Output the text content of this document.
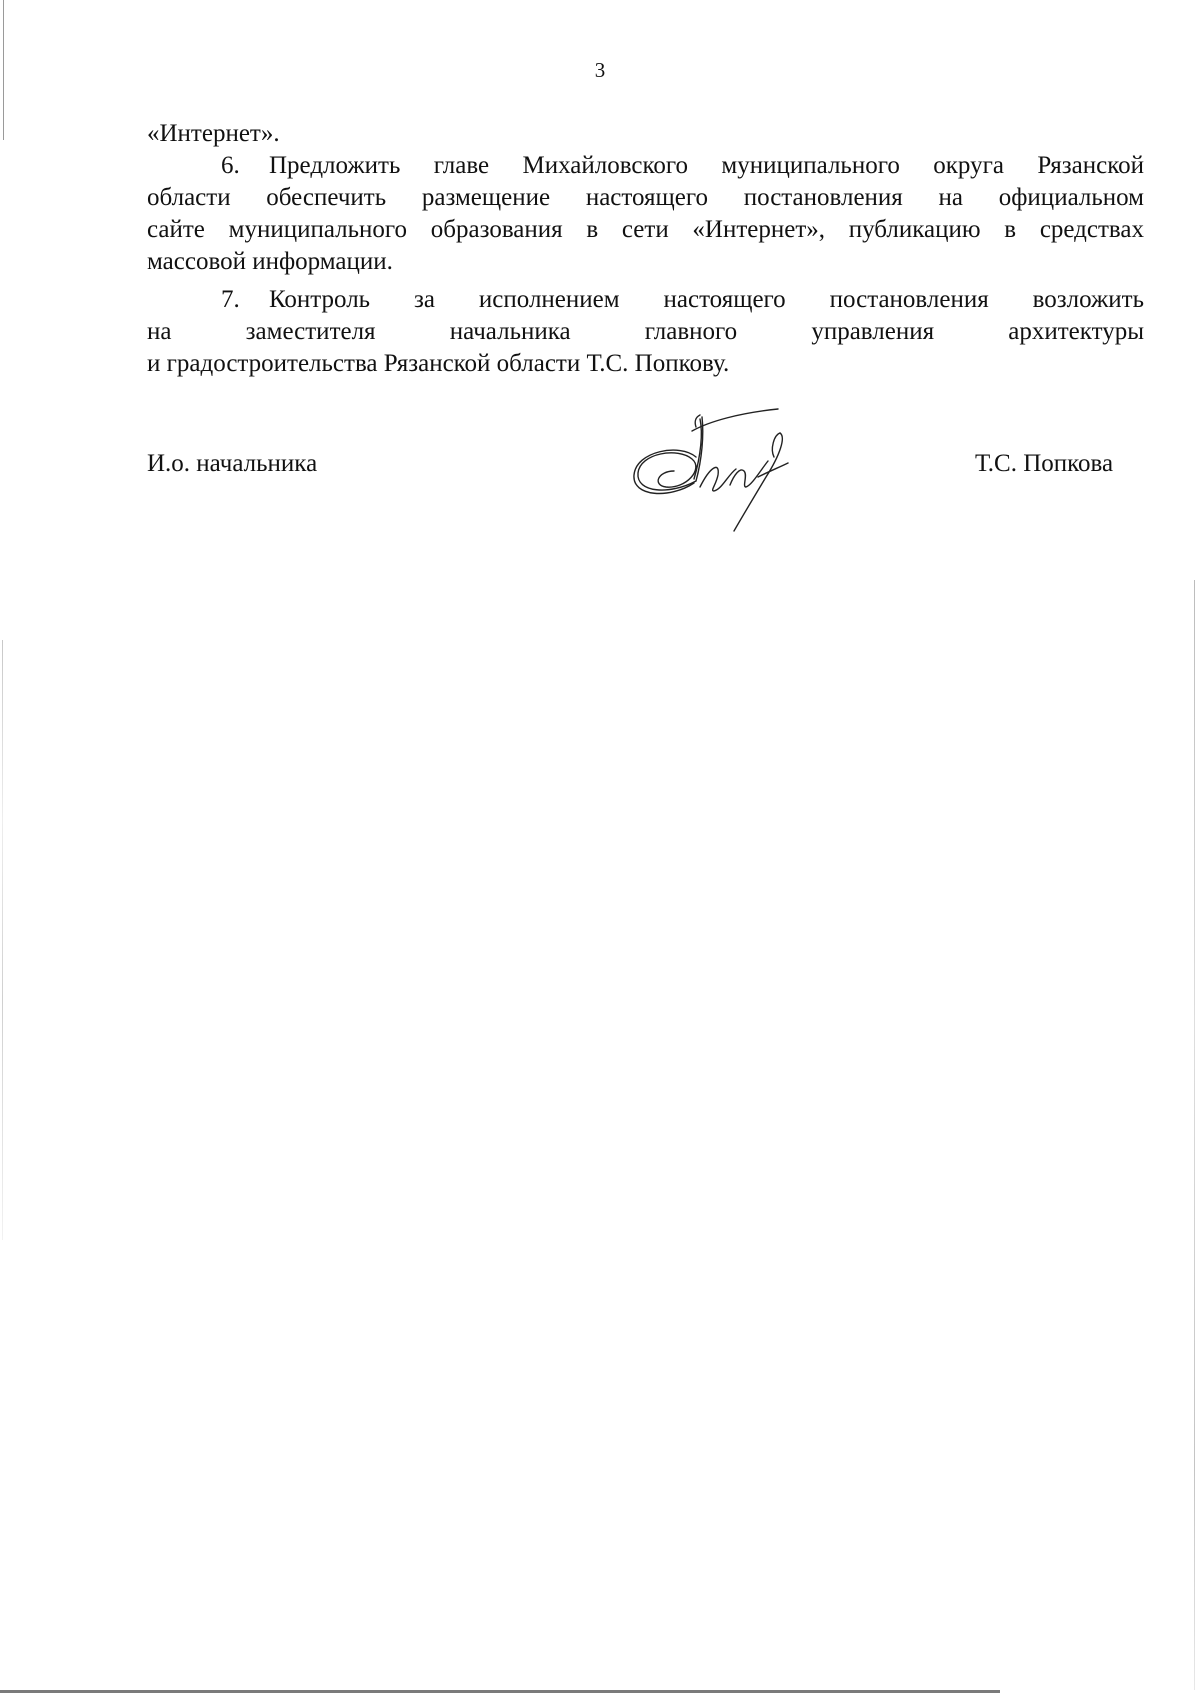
3
«Интернет».
6. Предложить главе Михайловского муниципального округа Рязанской
области обеспечить размещение настоящего постановления на официальном
сайте муниципального образования в сети «Интернет», публикацию в средствах
массовой информации.
7. Контроль за исполнением настоящего постановления возложить
на заместителя начальника главного управления архитектуры
и градостроительства Рязанской области Т.С. Попкову.
И.о. начальника	Т.С. Попкова
